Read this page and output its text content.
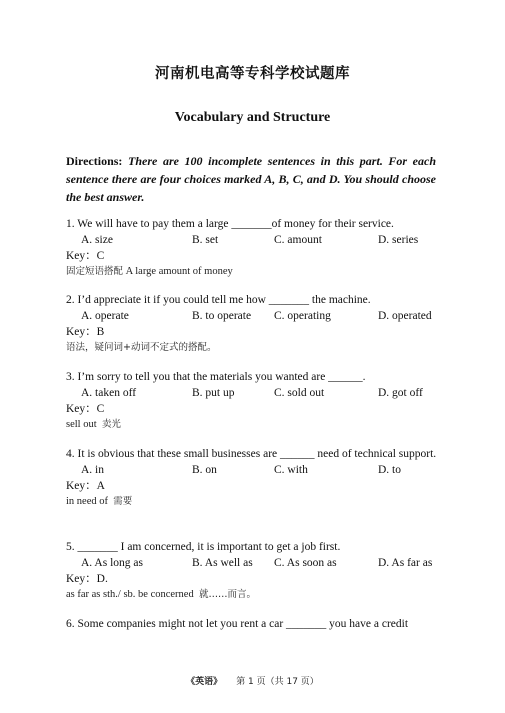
河南机电高等专科学校试题库
Vocabulary and Structure
Directions: There are 100 incomplete sentences in this part. For each sentence there are four choices marked A, B, C, and D. You should choose the best answer.
1. We will have to pay them a large _______of money for their service.
A. size	B. set	C. amount	D. series
Key：C
固定短语搭配 A large amount of money
2. I’d appreciate it if you could tell me how _______ the machine.
A. operate	B. to operate C. operating	D. operated
Key：B
语法，疑问词+动词不定式的搭配。
3. I’m sorry to tell you that the materials you wanted are ______.
A. taken off	B. put up	C. sold out	D. got off
Key：C
sell out  卖光
4. It is obvious that these small businesses are ______ need of technical support.
A. in	B. on	C. with	D. to
Key：A
in need of  需要
5. _______ I am concerned, it is important to get a job first.
A. As long as	B. As well as C. As soon as	D. As far as
Key：D.
as far as sth./ sb. be concerned  就……而言。
6. Some companies might not let you rent a car _______ you have a credit
《英语》 第 1 页（共 17 页）
